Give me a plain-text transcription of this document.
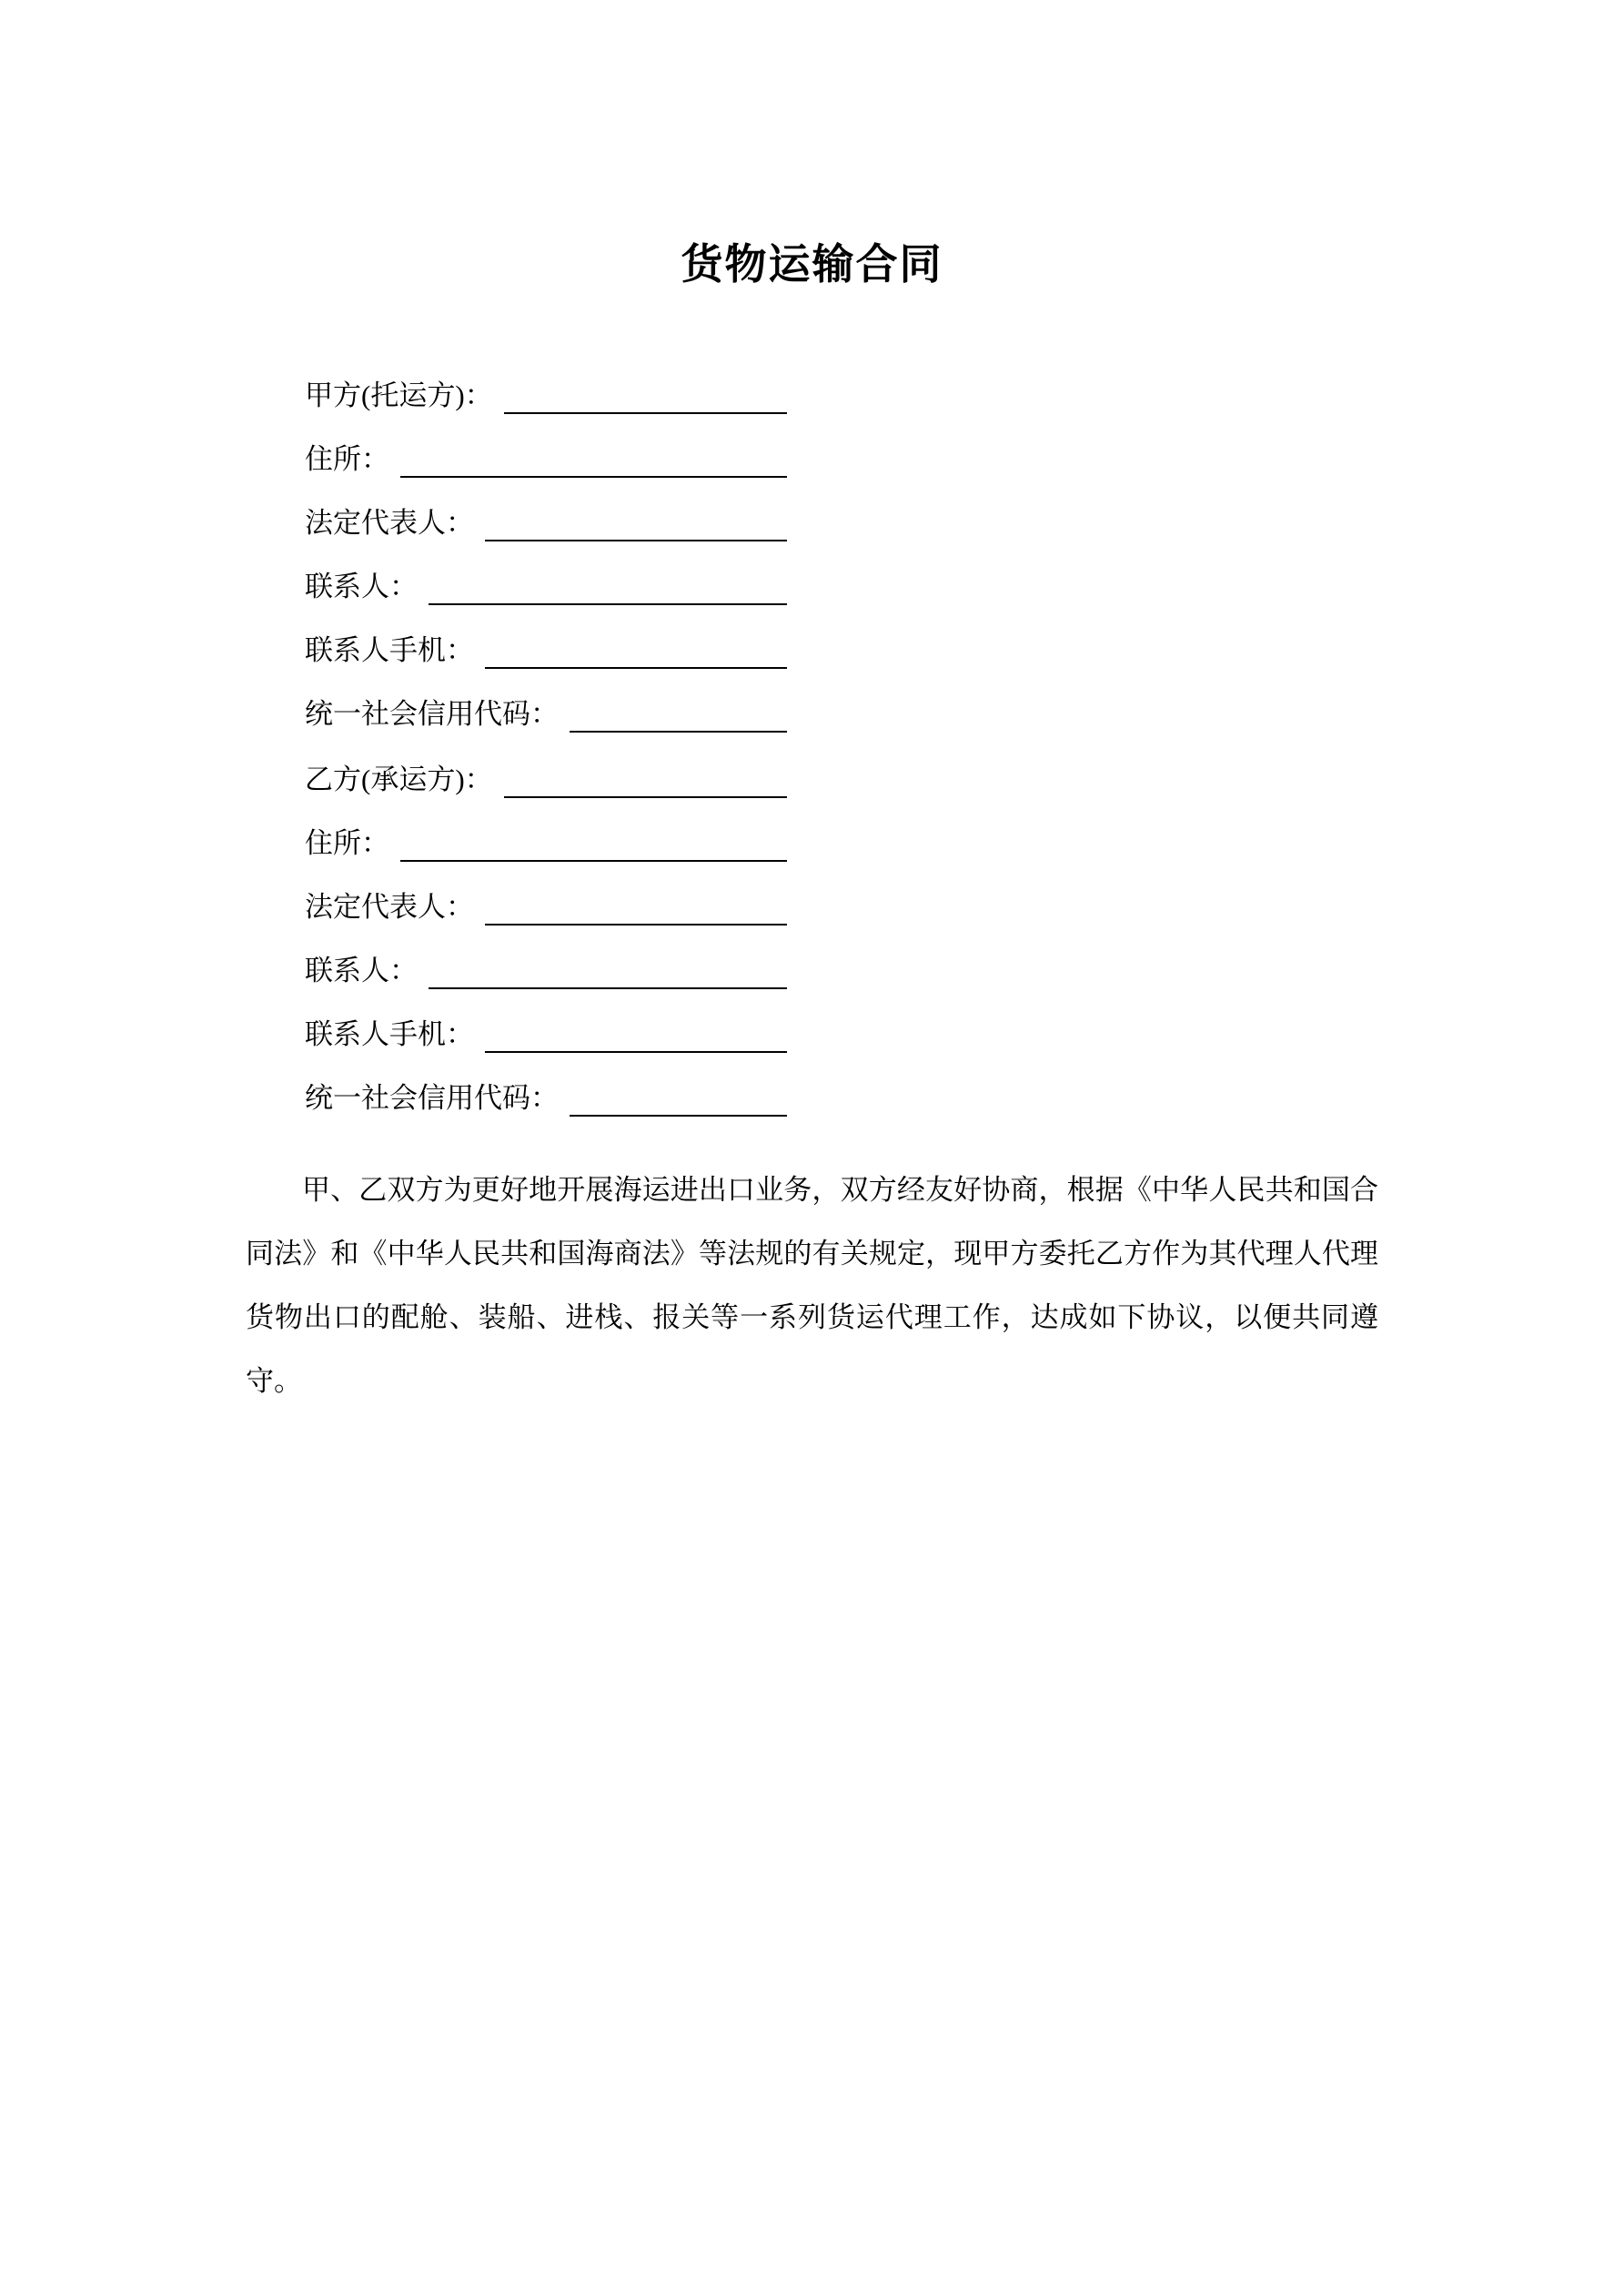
货物运输合同
甲方(托运方)：
住所：
法定代表人：
联系人：
联系人手机：
统一社会信用代码：
乙方(承运方)：
住所：
法定代表人：
联系人：
联系人手机：
统一社会信用代码：

甲、乙双方为更好地开展海运进出口业务，双方经友好协商，根据《中华人民共和国合同法》和《中华人民共和国海商法》等法规的有关规定，现甲方委托乙方作为其代理人代理货物出口的配舱、装船、进栈、报关等一系列货运代理工作，达成如下协议，以便共同遵守。
